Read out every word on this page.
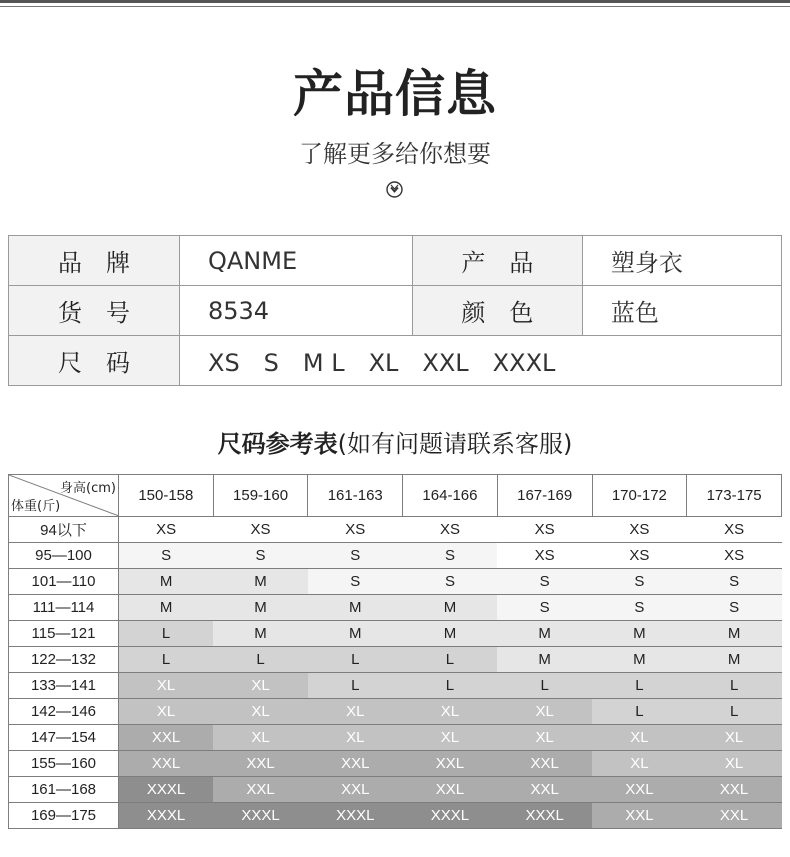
产品信息
了解更多给你想要
品　牌	QANME	产　品	塑身衣
货　号	8534	颜　色	蓝色
尺　码	XS　S　M L　XL　XXL　XXXL		
尺码参考表(如有问题请联系客服)
身高(cm)
体重(斤)	150-158	159-160	161-163	164-166	167-169	170-172	173-175
94以下	XS	XS	XS	XS	XS	XS	XS
95—100	S	S	S	S	XS	XS	XS
101—110	M	M	S	S	S	S	S
111—114	M	M	M	M	S	S	S
115—121	L	M	M	M	M	M	M
122—132	L	L	L	L	M	M	M
133—141	XL	XL	L	L	L	L	L
142—146	XL	XL	XL	XL	XL	L	L
147—154	XXL	XL	XL	XL	XL	XL	XL
155—160	XXL	XXL	XXL	XXL	XXL	XL	XL
161—168	XXXL	XXL	XXL	XXL	XXL	XXL	XXL
169—175	XXXL	XXXL	XXXL	XXXL	XXXL	XXL	XXL
